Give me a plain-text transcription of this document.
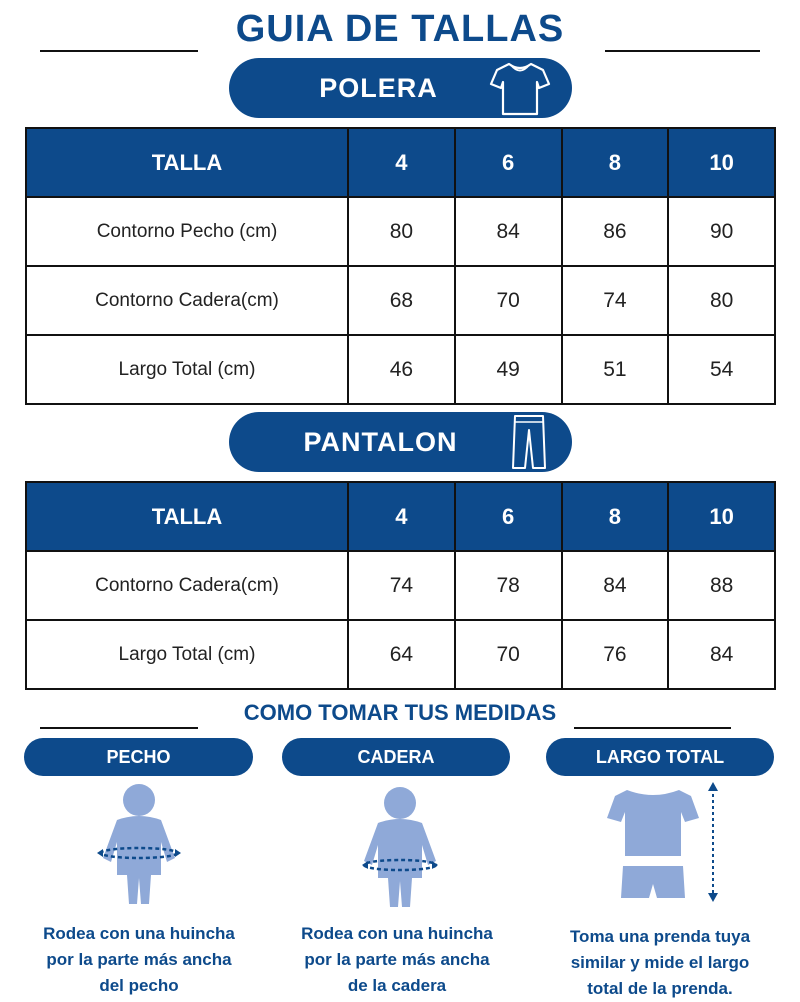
GUIA DE TALLAS
POLERA
TALLA	4	6	8	10
Contorno Pecho (cm)	80	84	86	90
Contorno Cadera(cm)	68	70	74	80
Largo Total (cm)	46	49	51	54
PANTALON
TALLA	4	6	8	10
Contorno Cadera(cm)	74	78	84	88
Largo Total (cm)	64	70	76	84
COMO TOMAR TUS MEDIDAS
PECHO	CADERA	LARGO TOTAL
Rodea con una huincha
por la parte más ancha
del pecho
Rodea con una huincha
por la parte más ancha
de la cadera
Toma una prenda tuya
similar y mide el largo
total de la prenda.
